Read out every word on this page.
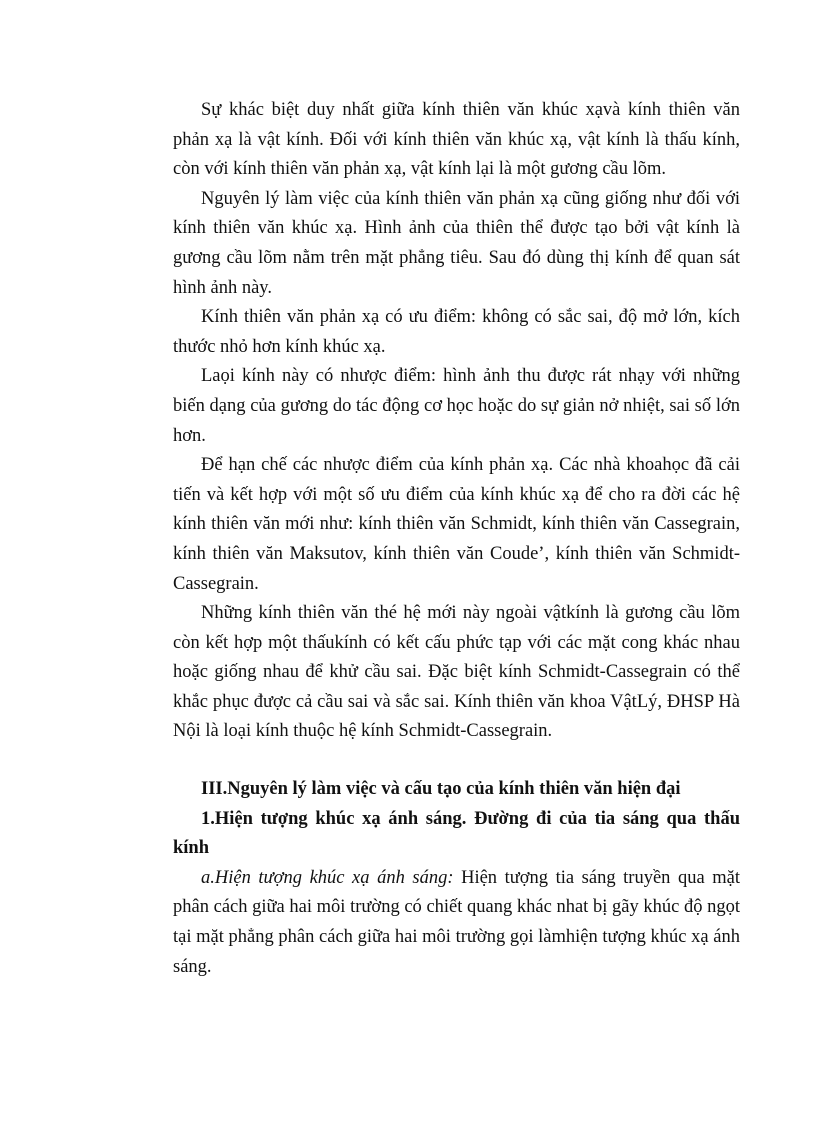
Sự khác biệt duy nhất giữa kính thiên văn khúc xạvà kính thiên văn phản xạ là vật kính. Đối với kính thiên văn khúc xạ, vật kính là thấu kính, còn với kính thiên văn phản xạ, vật kính lại là một gương cầu lõm.

Nguyên lý làm việc của kính thiên văn phản xạ cũng giống như đối với kính thiên văn khúc xạ. Hình ảnh của thiên thể được tạo bởi vật kính là gương cầu lõm nằm trên mặt phẳng tiêu. Sau đó dùng thị kính để quan sát hình ảnh này.

Kính thiên văn phản xạ có ưu điểm: không có sắc sai, độ mở lớn, kích thước nhỏ hơn kính khúc xạ.

Laọi kính này có nhược điểm: hình ảnh thu được rát nhạy với những biến dạng của gương do tác động cơ học hoặc do sự giản nở nhiệt, sai số lớn hơn.

Để hạn chế các nhược điểm của kính phản xạ. Các nhà khoahọc đã cải tiến và kết hợp với một số ưu điểm của kính khúc xạ để cho ra đời các hệ kính thiên văn mới như: kính thiên văn Schmidt, kính thiên văn Cassegrain, kính thiên văn Maksutov, kính thiên văn Coude’, kính thiên văn Schmidt-Cassegrain.

Những kính thiên văn thé hệ mới này ngoài vậtkính là gương cầu lõm còn kết hợp một thấukính có kết cấu phức tạp với các mặt cong khác nhau hoặc giống nhau để khử cầu sai. Đặc biệt kính Schmidt-Cassegrain có thể khắc phục được cả cầu sai và sắc sai. Kính thiên văn khoa VậtLý, ĐHSP Hà Nội là loại kính thuộc hệ kính Schmidt-Cassegrain.

III.Nguyên lý làm việc và cấu tạo của kính thiên văn hiện đại

1.Hiện tượng khúc xạ ánh sáng. Đường đi của tia sáng qua thấu kính

a.Hiện tượng khúc xạ ánh sáng: Hiện tượng tia sáng truyền qua mặt phân cách giữa hai môi trường có chiết quang khác nhat bị gãy khúc độ ngọt tại mặt phẳng phân cách giữa hai môi trường gọi làmhiện tượng khúc xạ ánh sáng.
